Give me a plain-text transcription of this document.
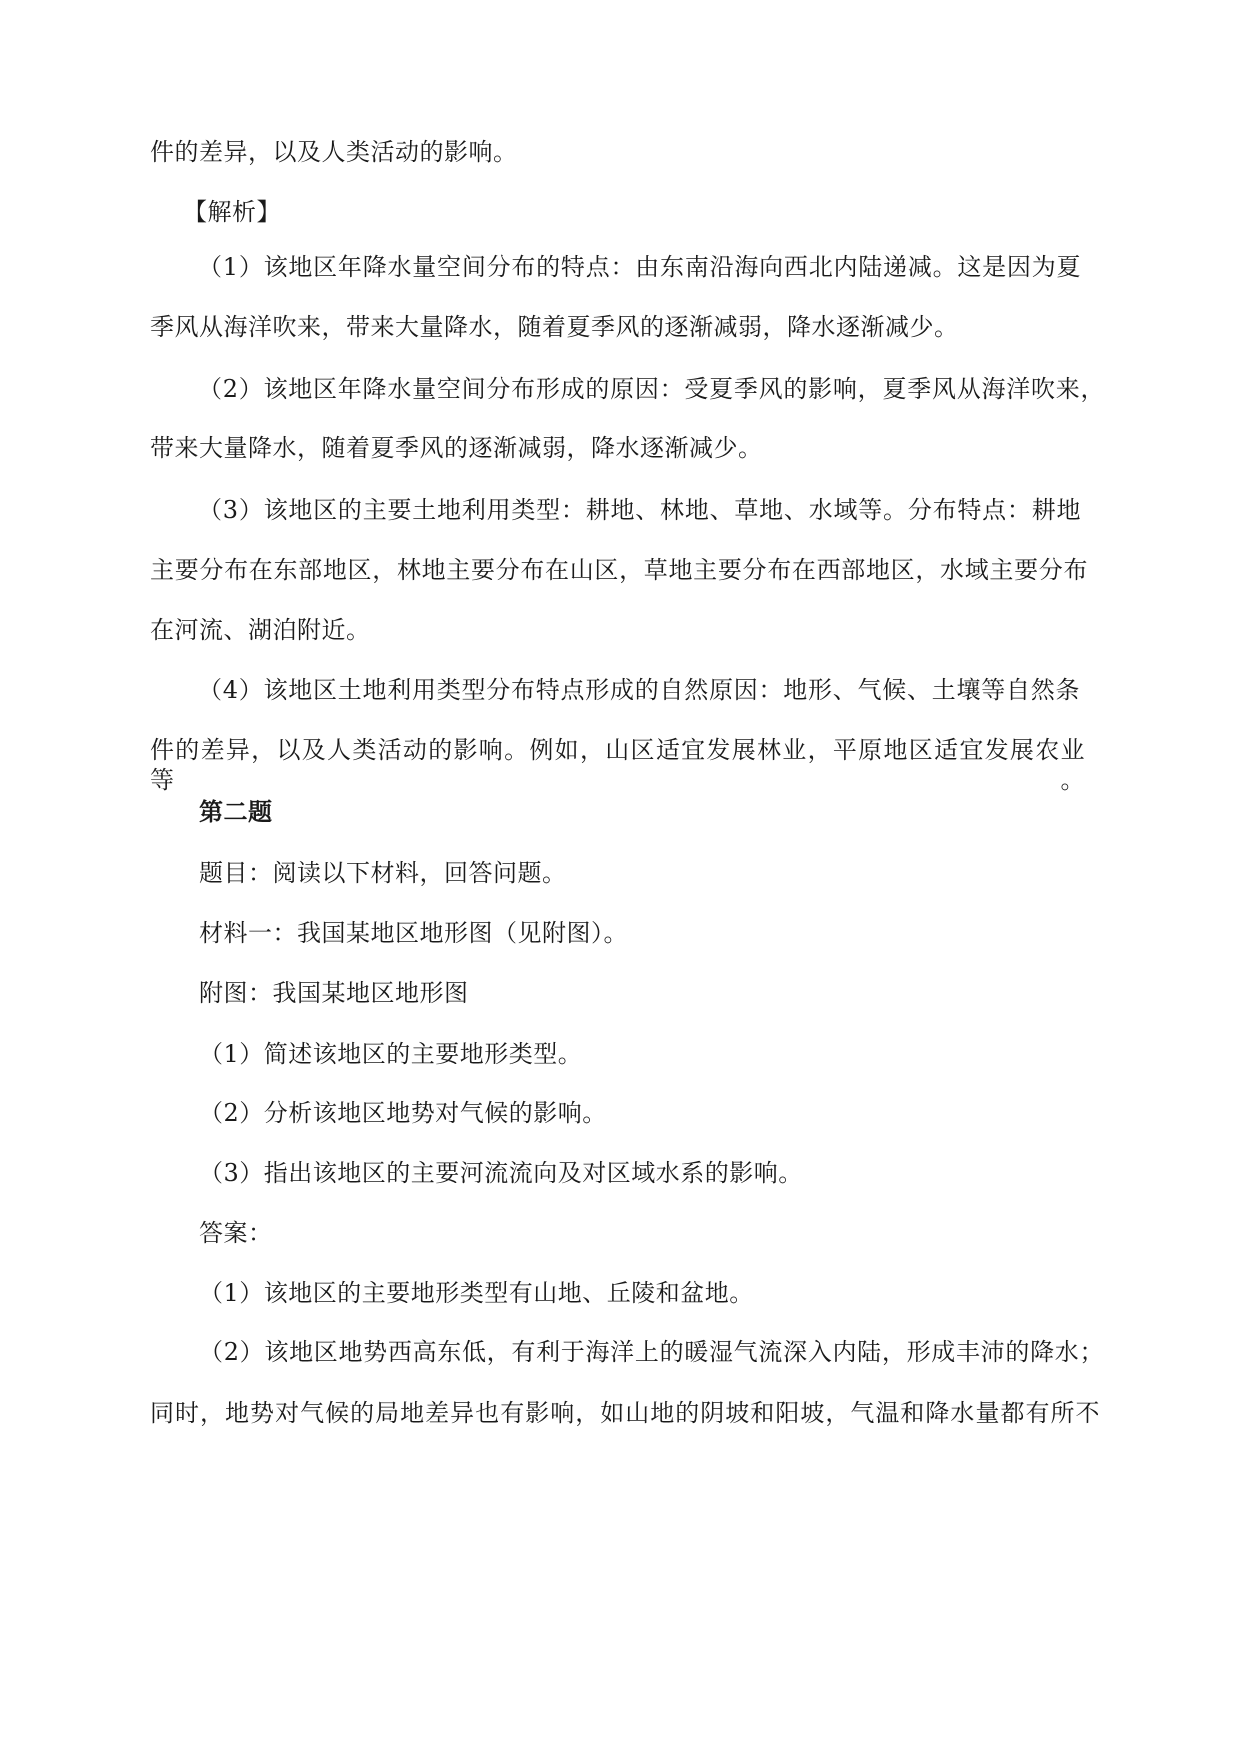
件的差异，以及人类活动的影响。
【解析】
（1）该地区年降水量空间分布的特点：由东南沿海向西北内陆递减。这是因为夏
季风从海洋吹来，带来大量降水，随着夏季风的逐渐减弱，降水逐渐减少。
（2）该地区年降水量空间分布形成的原因：受夏季风的影响，夏季风从海洋吹来，
带来大量降水，随着夏季风的逐渐减弱，降水逐渐减少。
（3）该地区的主要土地利用类型：耕地、林地、草地、水域等。分布特点：耕地
主要分布在东部地区，林地主要分布在山区，草地主要分布在西部地区，水域主要分布
在河流、湖泊附近。
（4）该地区土地利用类型分布特点形成的自然原因：地形、气候、土壤等自然条
件的差异，以及人类活动的影响。例如，山区适宜发展林业，平原地区适宜发展农业等。
第二题
题目：阅读以下材料，回答问题。
材料一：我国某地区地形图（见附图）。
附图：我国某地区地形图
（1）简述该地区的主要地形类型。
（2）分析该地区地势对气候的影响。
（3）指出该地区的主要河流流向及对区域水系的影响。
答案：
（1）该地区的主要地形类型有山地、丘陵和盆地。
（2）该地区地势西高东低，有利于海洋上的暖湿气流深入内陆，形成丰沛的降水；
同时，地势对气候的局地差异也有影响，如山地的阴坡和阳坡，气温和降水量都有所不
